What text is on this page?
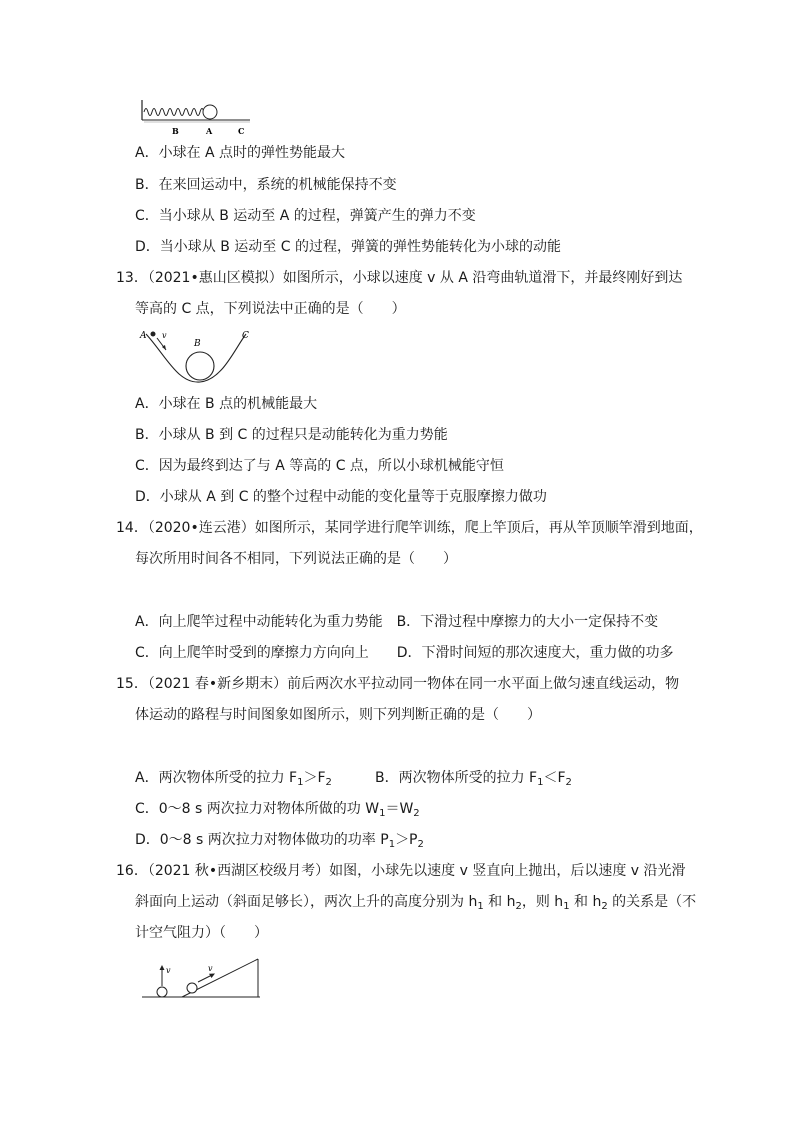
B	A	C
A．小球在 A 点时的弹性势能最大
B．在来回运动中，系统的机械能保持不变
C．当小球从 B 运动至 A 的过程，弹簧产生的弹力不变
D．当小球从 B 运动至 C 的过程，弹簧的弹性势能转化为小球的动能
13．（2021•惠山区模拟）如图所示，小球以速度 v 从 A 沿弯曲轨道滑下，并最终刚好到达
等高的 C 点，下列说法中正确的是（　　）
A v
B
C
A．小球在 B 点的机械能最大
B．小球从 B 到 C 的过程只是动能转化为重力势能
C．因为最终到达了与 A 等高的 C 点，所以小球机械能守恒
D．小球从 A 到 C 的整个过程中动能的变化量等于克服摩擦力做功
14．（2020•连云港）如图所示，某同学进行爬竿训练，爬上竿顶后，再从竿顶顺竿滑到地面，
每次所用时间各不相同，下列说法正确的是（　　）
A．向上爬竿过程中动能转化为重力势能　B．下滑过程中摩擦力的大小一定保持不变
C．向上爬竿时受到的摩擦力方向向上　　D．下滑时间短的那次速度大，重力做的功多
15．（2021 春•新乡期末）前后两次水平拉动同一物体在同一水平面上做匀速直线运动，物
体运动的路程与时间图象如图所示，则下列判断正确的是（　　）
A．两次物体所受的拉力 $F_1>F_2$	B．两次物体所受的拉力 $F_1<F_2$
C．0～8 s 两次拉力对物体所做的功 $W_1=W_2$
D．0～8 s 两次拉力对物体做功的功率 $P_1>P_2$
16．（2021 秋•西湖区校级月考）如图，小球先以速度 v 竖直向上抛出，后以速度 v 沿光滑
斜面向上运动（斜面足够长），两次上升的高度分别为 $h_1$ 和 $h_2$，则 $h_1$ 和 $h_2$ 的关系是（不
计空气阻力）（　　）
v	v
